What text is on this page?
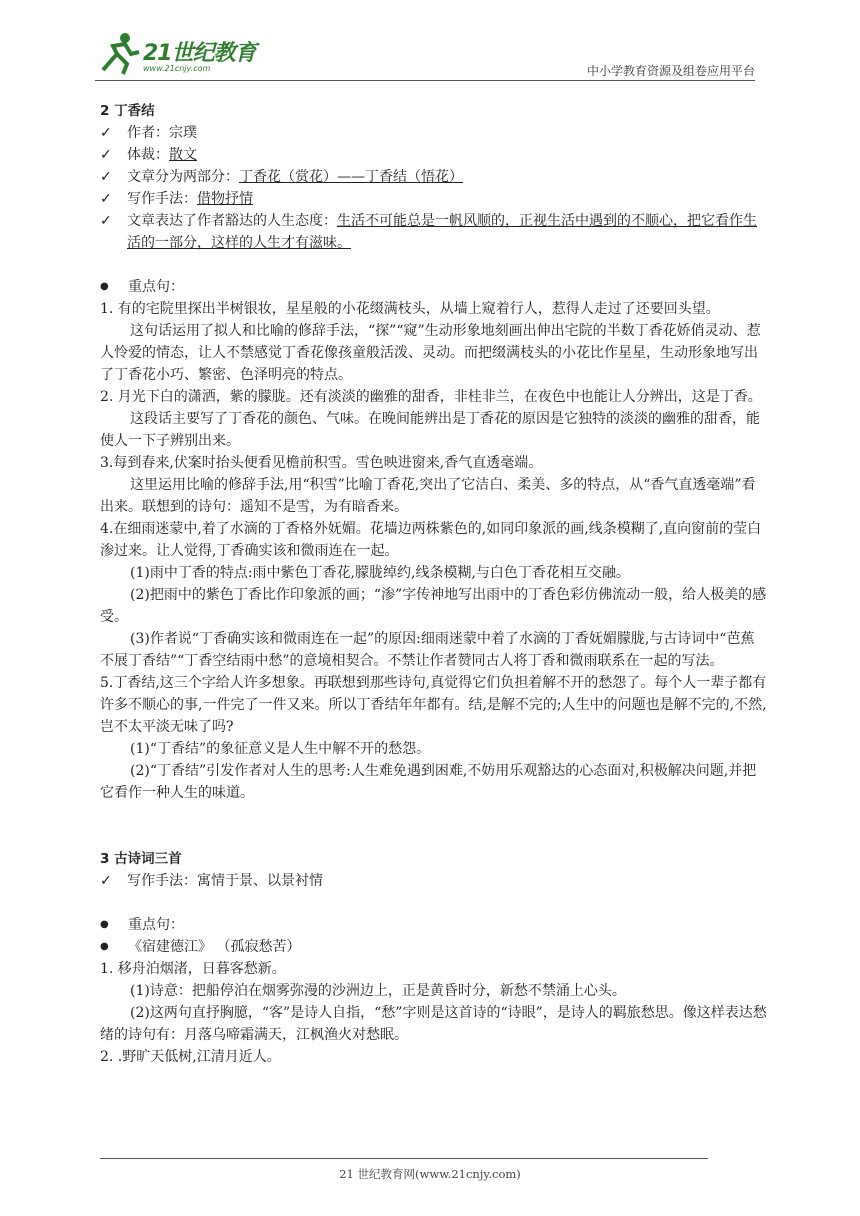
21世纪教育
www.21cnjy.com	中小学教育资源及组卷应用平台

2 丁香结

✓ 作者：宗璞

✓ 体裁：散文

✓ 文章分为两部分：丁香花（赏花）——丁香结（悟花）

✓ 写作手法：借物抒情

✓ 文章表达了作者豁达的人生态度：生活不可能总是一帆风顺的，正视生活中遇到的不顺心，把它看作生活的一部分，这样的人生才有滋味。

● 重点句：

1. 有的宅院里探出半树银妆，星星般的小花缀满枝头，从墙上窥着行人，惹得人走过了还要回头望。

这句话运用了拟人和比喻的修辞手法，“探”“窥”生动形象地刻画出伸出宅院的半数丁香花娇俏灵动、惹人怜爱的情态，让人不禁感觉丁香花像孩童般活泼、灵动。而把缀满枝头的小花比作星星，生动形象地写出了丁香花小巧、繁密、色泽明亮的特点。

2. 月光下白的潇洒，紫的朦胧。还有淡淡的幽雅的甜香，非桂非兰，在夜色中也能让人分辨出，这是丁香。

这段话主要写了丁香花的颜色、气味。在晚间能辨出是丁香花的原因是它独特的淡淡的幽雅的甜香，能使人一下子辨别出来。

3.每到春来,伏案时抬头便看见檐前积雪。雪色映进窗来,香气直透毫端。

这里运用比喻的修辞手法,用“积雪”比喻丁香花,突出了它洁白、柔美、多的特点，从“香气直透毫端”看出来。联想到的诗句：遥知不是雪，为有暗香来。

4.在细雨迷蒙中,着了水滴的丁香格外妩媚。花墙边两株紫色的,如同印象派的画,线条模糊了,直向窗前的莹白渗过来。让人觉得,丁香确实该和微雨连在一起。

(1)雨中丁香的特点:雨中紫色丁香花,朦胧绰约,线条模糊,与白色丁香花相互交融。

(2)把雨中的紫色丁香比作印象派的画；“渗”字传神地写出雨中的丁香色彩仿佛流动一般，给人极美的感受。

(3)作者说“丁香确实该和微雨连在一起”的原因:细雨迷蒙中着了水滴的丁香妩媚朦胧,与古诗词中“芭蕉不展丁香结”“丁香空结雨中愁”的意境相契合。不禁让作者赞同古人将丁香和微雨联系在一起的写法。

5.丁香结,这三个字给人许多想象。再联想到那些诗句,真觉得它们负担着解不开的愁怨了。每个人一辈子都有许多不顺心的事,一件完了一件又来。所以丁香结年年都有。结,是解不完的;人生中的问题也是解不完的,不然,岂不太平淡无味了吗?

(1)“丁香结”的象征意义是人生中解不开的愁怨。

(2)“丁香结”引发作者对人生的思考:人生难免遇到困难,不妨用乐观豁达的心态面对,积极解决问题,并把它看作一种人生的味道。

3 古诗词三首

✓ 写作手法：寓情于景、以景衬情

● 重点句：

● 《宿建德江》 （孤寂愁苦）

1. 移舟泊烟渚，日暮客愁新。

(1)诗意：把船停泊在烟雾弥漫的沙洲边上，正是黄昏时分，新愁不禁涌上心头。

(2)这两句直抒胸臆，“客”是诗人自指，“愁”字则是这首诗的“诗眼”，是诗人的羁旅愁思。像这样表达愁绪的诗句有：月落乌啼霜满天，江枫渔火对愁眠。

2. .野旷天低树,江清月近人。

21 世纪教育网(www.21cnjy.com)
